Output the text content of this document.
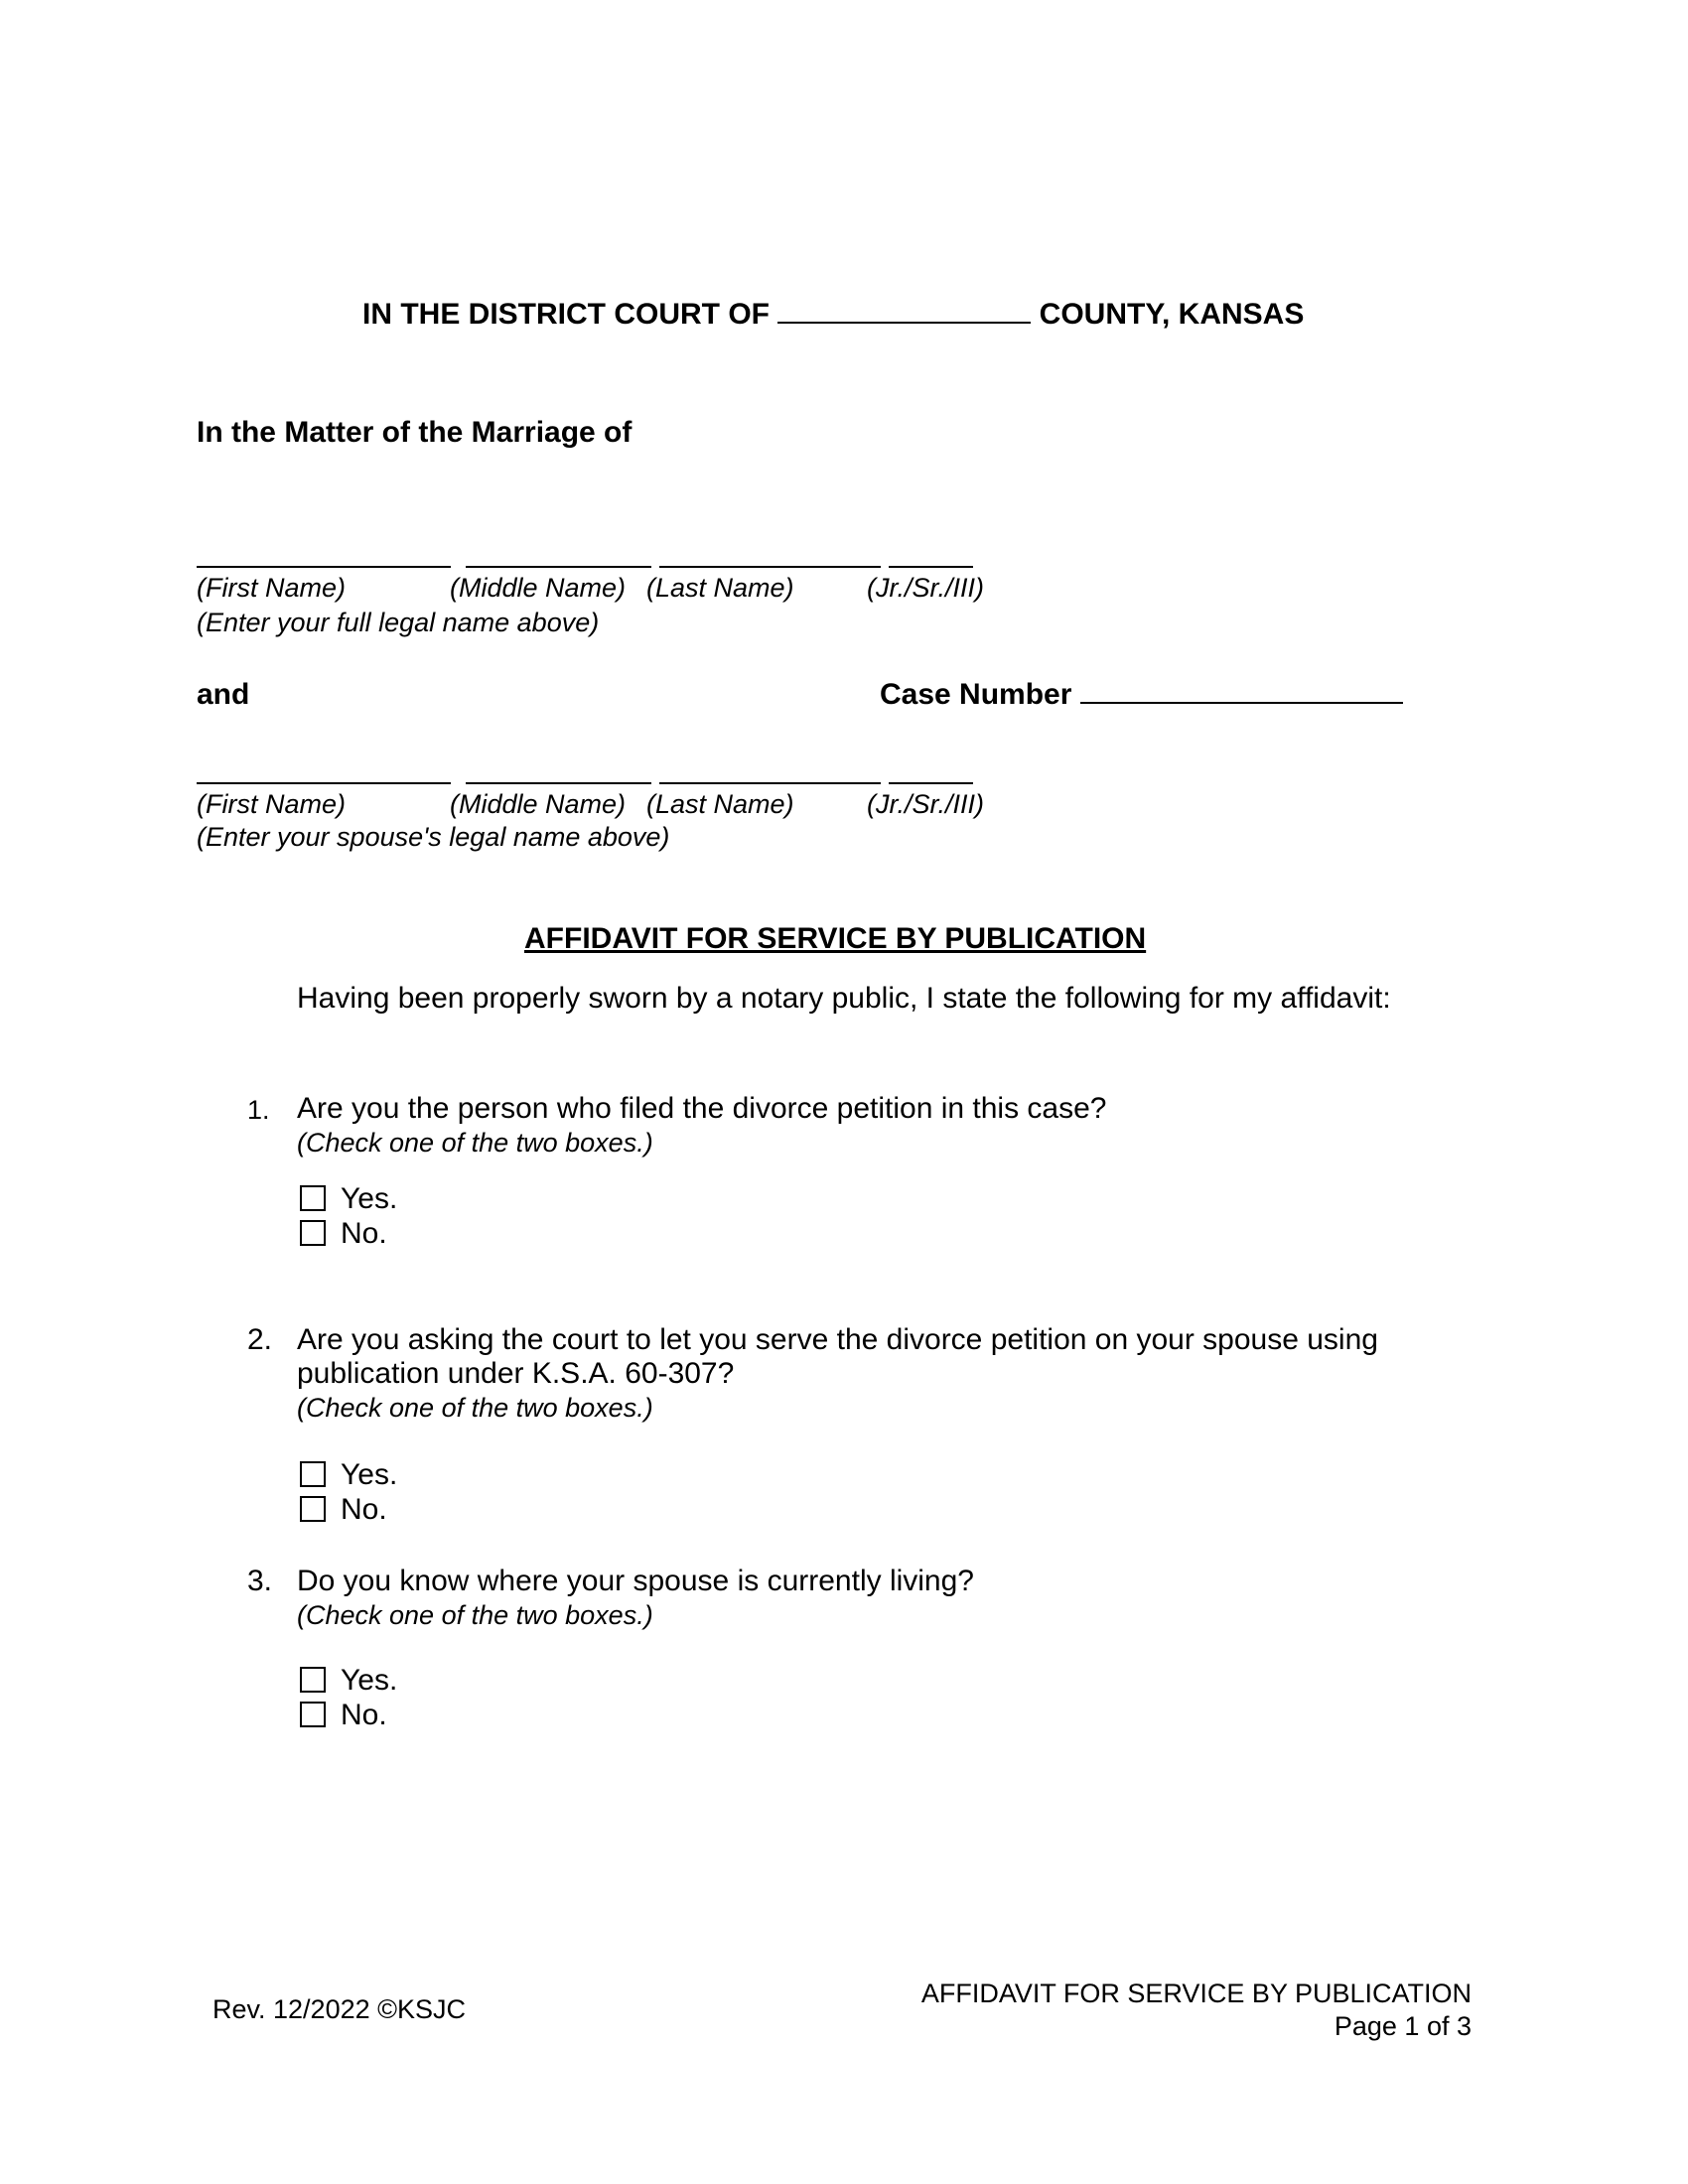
IN THE DISTRICT COURT OF	COUNTY, KANSAS
In the Matter of the Marriage of
(First Name)	(Middle Name) (Last Name)	(Jr./Sr./III)
(Enter your full legal name above)
and	Case Number
(First Name)	(Middle Name) (Last Name)	(Jr./Sr./III)
(Enter your spouse's legal name above)
AFFIDAVIT FOR SERVICE BY PUBLICATION
Having been properly sworn by a notary public, I state the following for my affidavit:
1. Are you the person who filed the divorce petition in this case?
(Check one of the two boxes.)
Yes.
No.
2. Are you asking the court to let you serve the divorce petition on your spouse using
publication under K.S.A. 60-307?
(Check one of the two boxes.)
Yes.
No.
3. Do you know where your spouse is currently living?
(Check one of the two boxes.)
Yes.
No.
Rev. 12/2022 ©KSJC
AFFIDAVIT FOR SERVICE BY PUBLICATION
Page 1 of 3
